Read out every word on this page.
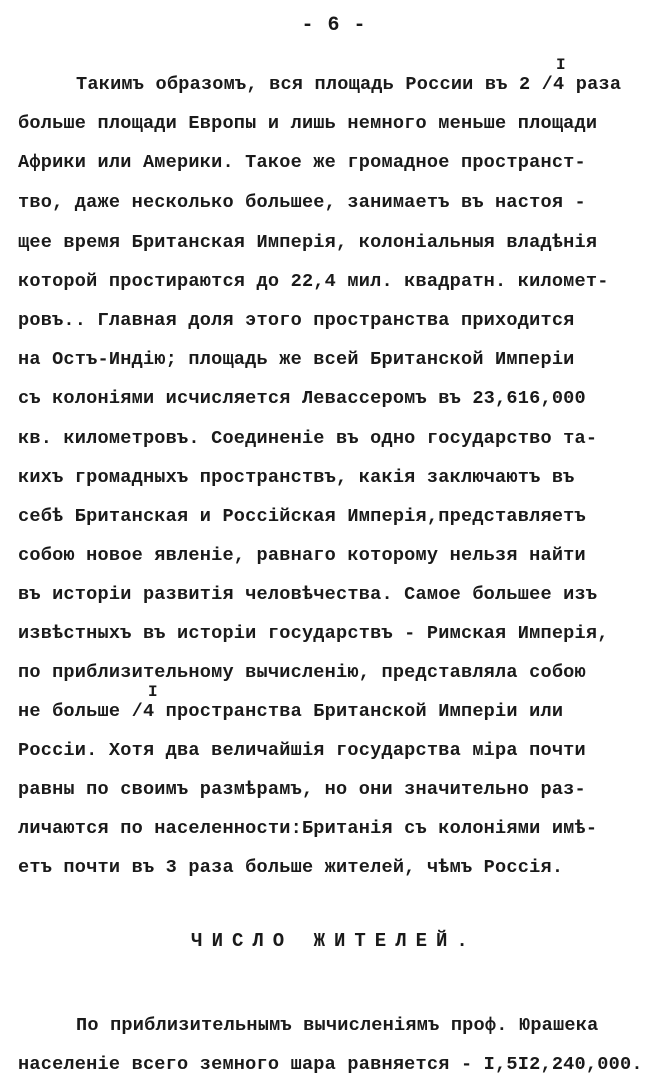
- 6 -
I
Такимъ образомъ, вся площадь России въ 2 /4 раза
больше площади Европы и лишь немного меньше площади
Африки или Америки. Такое же громадное пространст-
тво, даже несколько большее, занимаетъ въ настоя -
щее время Британская Имперія, колоніальныя владѣнія
которой простираются до 22,4 мил. квадратн. километ-
ровъ.. Главная доля этого пространства приходится
на Остъ-Индію; площадь же всей Британской Имперіи
съ колоніями исчисляется Левассеромъ въ 23,616,000
кв. километровъ. Соединеніе въ одно государство та-
кихъ громадныхъ пространствъ, какія заключаютъ въ
себѣ Британская и Россійская Имперія,представляетъ
собою новое явленіе, равнаго которому нельзя найти
въ исторіи развитія человѣчества. Самое большее изъ
извѣстныхъ въ исторіи государствъ - Римская Имперія,
по приблизительному вычисленію, представляла собою
I
не больше /4 пространства Британской Имперіи или
Россіи. Хотя два величайшія государства міра почти
равны по своимъ размѣрамъ, но они значительно раз-
личаются по населенности:Британія съ колоніями имѣ-
етъ почти въ 3 раза больше жителей, чѣмъ Россія.
ЧИСЛО ЖИТЕЛЕЙ.
По приблизительнымъ вычисленіямъ проф. Юрашека
населеніе всего земного шара равняется - I,5I2,240,000.
